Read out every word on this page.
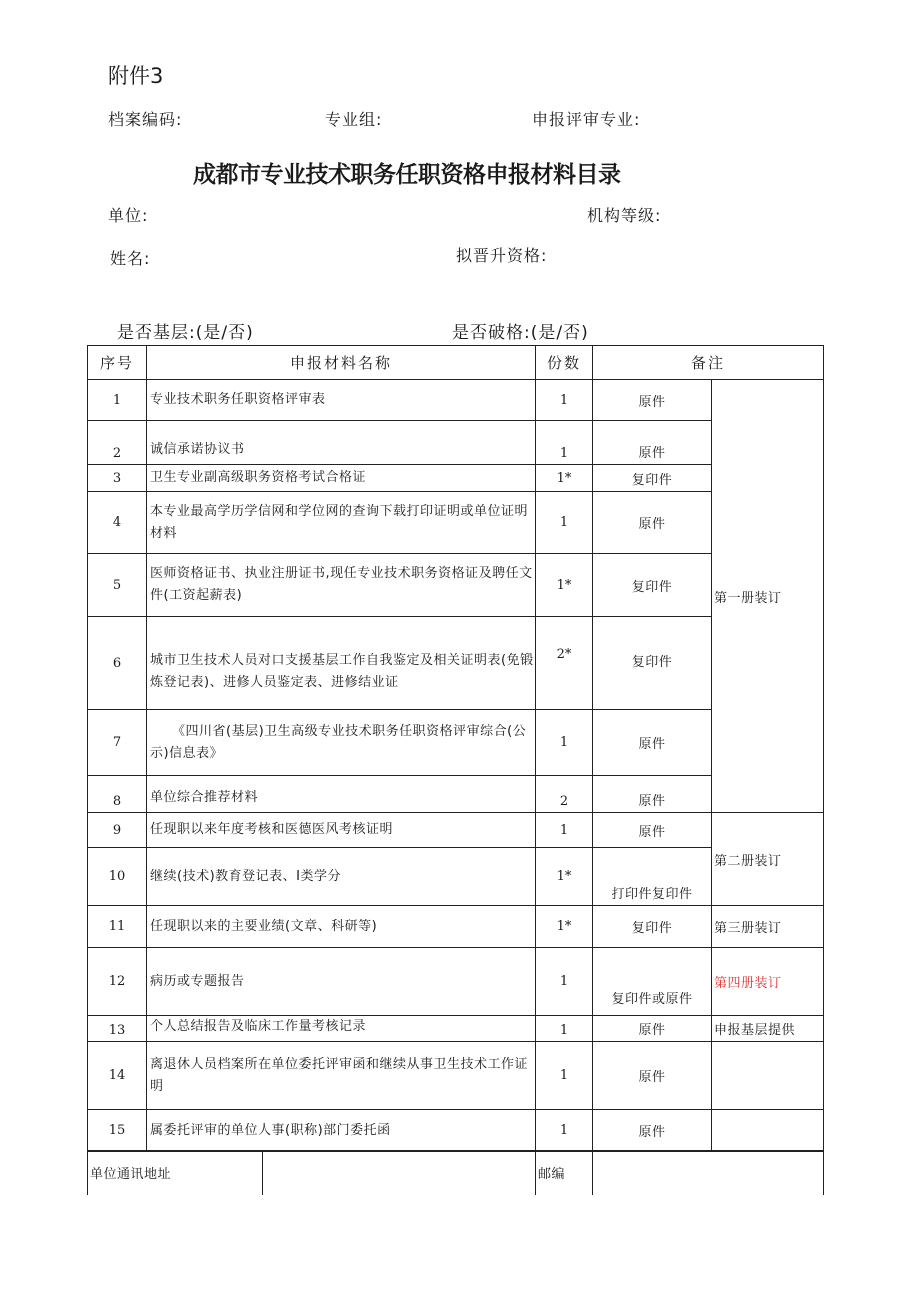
附件3
档案编码:	专业组:	申报评审专业:
成都市专业技术职务任职资格申报材料目录
单位:	机构等级:
姓名:	拟晋升资格:
是否基层:(是/否)	是否破格:(是/否)
序号	申报材料名称	份数	备注	
1	专业技术职务任职资格评审表	1	原件	第一册装订
2	诚信承诺协议书	1	原件	
3	卫生专业副高级职务资格考试合格证	1*	复印件	
4	本专业最高学历学信网和学位网的查询下载打印证明或单位证明材料	1	原件	
5	医师资格证书、执业注册证书,现任专业技术职务资格证及聘任文件(工资起薪表)	1*	复印件	
6	城市卫生技术人员对口支援基层工作自我鉴定及相关证明表(免锻炼登记表)、进修人员鉴定表、进修结业证	2*	复印件	
7	《四川省(基层)卫生高级专业技术职务任职资格评审综合(公示)信息表》	1	原件	
8	单位综合推荐材料	2	原件	
9	任现职以来年度考核和医德医风考核证明	1	原件	第二册装订
10	继续(技术)教育登记表、I类学分	1*	打印件复印件	
11	任现职以来的主要业绩(文章、科研等)	1*	复印件	第三册装订
12	病历或专题报告	1	复印件或原件	第四册装订
13	个人总结报告及临床工作量考核记录	1	原件	申报基层提供
14	离退休人员档案所在单位委托评审函和继续从事卫生技术工作证明	1	原件	
15	属委托评审的单位人事(职称)部门委托函	1	原件	
单位通讯地址		邮编	
